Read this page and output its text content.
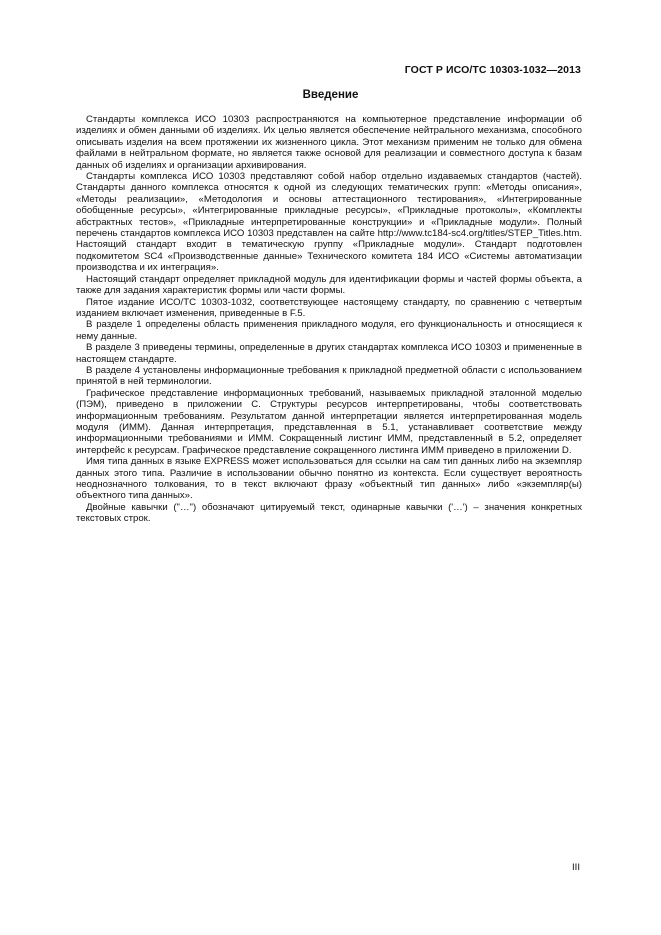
ГОСТ Р ИСО/ТС 10303-1032—2013
Введение

Стандарты комплекса ИСО 10303 распространяются на компьютерное представление информации об изделиях и обмен данными об изделиях. Их целью является обеспечение нейтрального механизма, способного описывать изделия на всем протяжении их жизненного цикла. Этот механизм применим не только для обмена файлами в нейтральном формате, но является также основой для реализации и совместного доступа к базам данных об изделиях и организации архивирования.

Стандарты комплекса ИСО 10303 представляют собой набор отдельно издаваемых стандартов (частей). Стандарты данного комплекса относятся к одной из следующих тематических групп: «Методы описания», «Методы реализации», «Методология и основы аттестационного тестирования», «Интегрированные обобщенные ресурсы», «Интегрированные прикладные ресурсы», «Прикладные протоколы», «Комплекты абстрактных тестов», «Прикладные интерпретированные конструкции» и «Прикладные модули». Полный перечень стандартов комплекса ИСО 10303 представлен на сайте http://www.tc184-sc4.org/titles/STEP_Titles.htm. Настоящий стандарт входит в тематическую группу «Прикладные модули». Стандарт подготовлен подкомитетом SC4 «Производственные данные» Технического комитета 184 ИСО «Системы автоматизации производства и их интеграция».

Настоящий стандарт определяет прикладной модуль для идентификации формы и частей формы объекта, а также для задания характеристик формы или части формы.

Пятое издание ИСО/ТС 10303-1032, соответствующее настоящему стандарту, по сравнению с четвертым изданием включает изменения, приведенные в F.5.

В разделе 1 определены область применения прикладного модуля, его функциональность и относящиеся к нему данные.

В разделе 3 приведены термины, определенные в других стандартах комплекса ИСО 10303 и примененные в настоящем стандарте.

В разделе 4 установлены информационные требования к прикладной предметной области с использованием принятой в ней терминологии.

Графическое представление информационных требований, называемых прикладной эталонной моделью (ПЭМ), приведено в приложении С. Структуры ресурсов интерпретированы, чтобы соответствовать информационным требованиям. Результатом данной интерпретации является интерпретированная модель модуля (ИММ). Данная интерпретация, представленная в 5.1, устанавливает соответствие между информационными требованиями и ИММ. Сокращенный листинг ИММ, представленный в 5.2, определяет интерфейс к ресурсам. Графическое представление сокращенного листинга ИММ приведено в приложении D.

Имя типа данных в языке EXPRESS может использоваться для ссылки на сам тип данных либо на экземпляр данных этого типа. Различие в использовании обычно понятно из контекста. Если существует вероятность неоднозначного толкования, то в текст включают фразу «объектный тип данных» либо «экземпляр(ы) объектного типа данных».

Двойные кавычки ("…") обозначают цитируемый текст, одинарные кавычки ('…') – значения конкретных текстовых строк.

III
